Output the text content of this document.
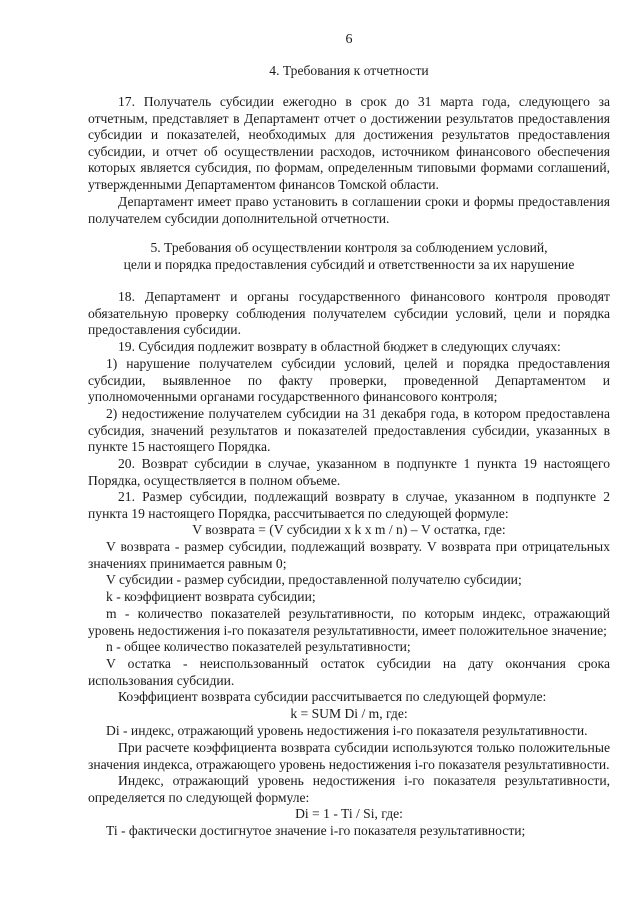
6

4. Требования к отчетности

17. Получатель субсидии ежегодно в срок до 31 марта года, следующего за отчетным, представляет в Департамент отчет о достижении результатов предоставления субсидии и показателей, необходимых для достижения результатов предоставления субсидии, и отчет об осуществлении расходов, источником финансового обеспечения которых является субсидия, по формам, определенным типовыми формами соглашений, утвержденными Департаментом финансов Томской области.

Департамент имеет право установить в соглашении сроки и формы предоставления получателем субсидии дополнительной отчетности.

5. Требования об осуществлении контроля за соблюдением условий,

цели и порядка предоставления субсидий и ответственности за их нарушение

18. Департамент и органы государственного финансового контроля проводят обязательную проверку соблюдения получателем субсидии условий, цели и порядка предоставления субсидии.

19. Субсидия подлежит возврату в областной бюджет в следующих случаях:

1) нарушение получателем субсидии условий, целей и порядка предоставления субсидии, выявленное по факту проверки, проведенной Департаментом и уполномоченными органами государственного финансового контроля;

2) недостижение получателем субсидии на 31 декабря года, в котором предоставлена субсидия, значений результатов и показателей предоставления субсидии, указанных в пункте 15 настоящего Порядка.

20. Возврат субсидии в случае, указанном в подпункте 1 пункта 19 настоящего Порядка, осуществляется в полном объеме.

21. Размер субсидии, подлежащий возврату в случае, указанном в подпункте 2 пункта 19 настоящего Порядка, рассчитывается по следующей формуле:

V возврата = (V субсидии х k х m / n) – V остатка, где:

V возврата - размер субсидии, подлежащий возврату. V возврата при отрицательных значениях принимается равным 0;

V субсидии - размер субсидии, предоставленной получателю субсидии;

k - коэффициент возврата субсидии;

m - количество показателей результативности, по которым индекс, отражающий уровень недостижения i-го показателя результативности, имеет положительное значение;

n - общее количество показателей результативности;

V остатка - неиспользованный остаток субсидии на дату окончания срока использования субсидии.

Коэффициент возврата субсидии рассчитывается по следующей формуле:

k = SUM Di / m, где:

Di - индекс, отражающий уровень недостижения i-го показателя результативности.

При расчете коэффициента возврата субсидии используются только положительные значения индекса, отражающего уровень недостижения i-го показателя результативности.

Индекс, отражающий уровень недостижения i-го показателя результативности, определяется по следующей формуле:

Di = 1 - Ti / Si, где:

Ti - фактически достигнутое значение i-го показателя результативности;
